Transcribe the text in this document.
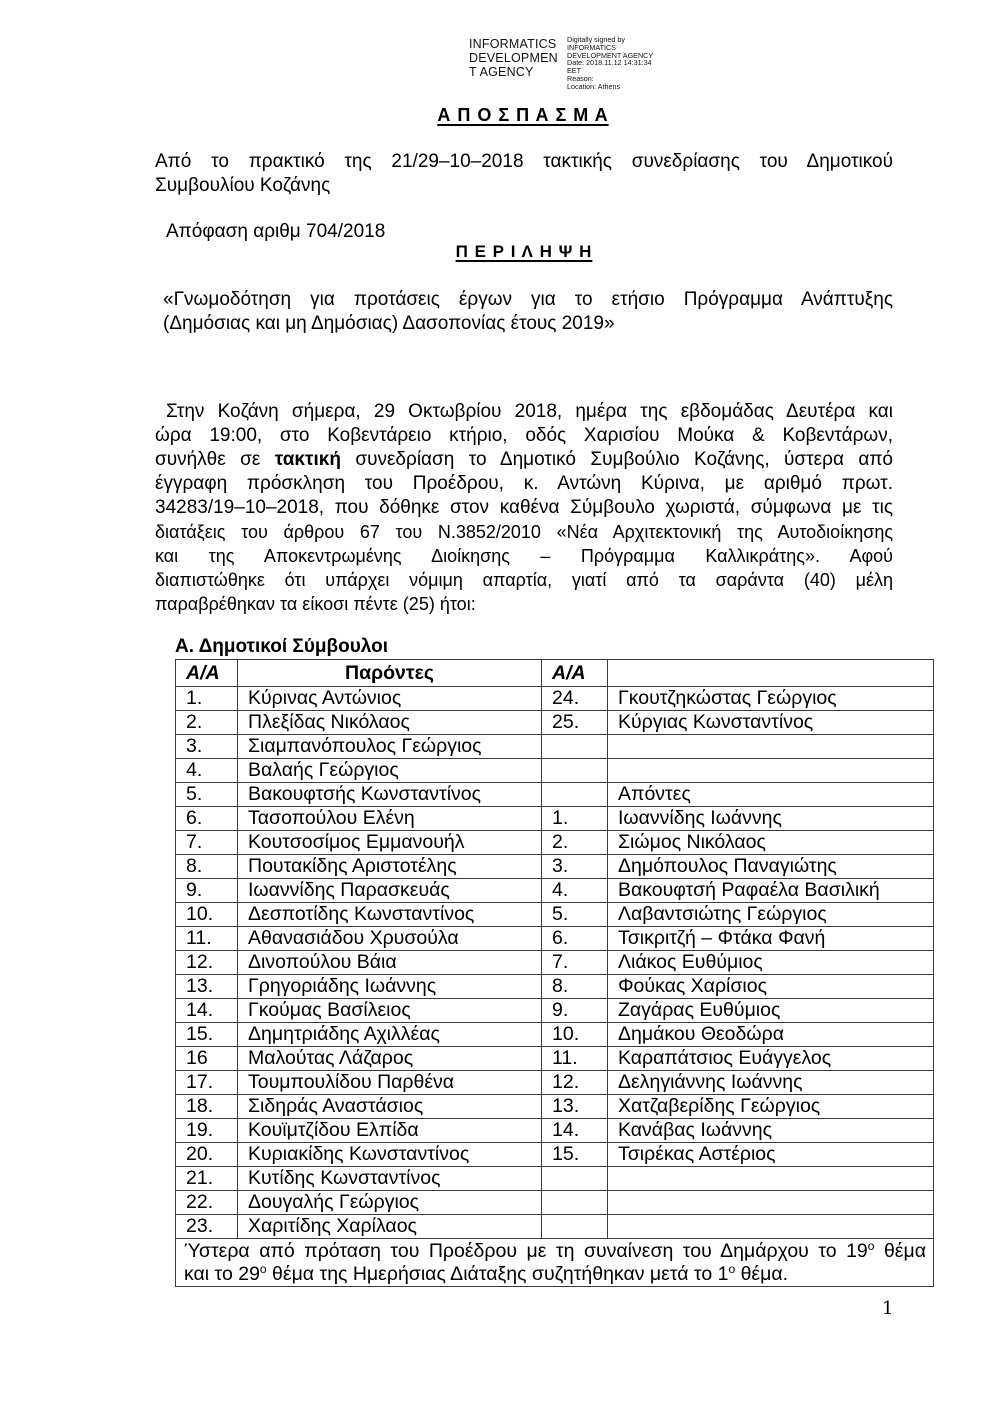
INFORMATICS
DEVELOPMEN
T AGENCY
Digitally signed by
INFORMATICS
DEVELOPMENT AGENCY
Date: 2018.11.12 14:31:34
EET
Reason:
Location: Athens
Α Π Ο Σ Π Α Σ Μ Α
Από το πρακτικό της 21/29–10–2018 τακτικής συνεδρίασης του Δημοτικού
Συμβουλίου Κοζάνης
Απόφαση αριθμ 704/2018
Π Ε Ρ Ι Λ Η Ψ Η
«Γνωμοδότηση για προτάσεις έργων για το ετήσιο Πρόγραμμα Ανάπτυξης
(Δημόσιας και μη Δημόσιας) Δασοπονίας έτους 2019»
Στην Κοζάνη σήμερα, 29 Οκτωβρίου 2018, ημέρα της εβδομάδας Δευτέρα και
ώρα 19:00, στο Κοβεντάρειο κτήριο, οδός Χαρισίου Μούκα & Κοβεντάρων,
συνήλθε σε τακτική συνεδρίαση το Δημοτικό Συμβούλιο Κοζάνης, ύστερα από
έγγραφη πρόσκληση του Προέδρου, κ. Αντώνη Κύρινα, με αριθμό πρωτ.
34283/19–10–2018, που δόθηκε στον καθένα Σύμβουλο χωριστά, σύμφωνα με τις
διατάξεις του άρθρου 67 του Ν.3852/2010 «Νέα Αρχιτεκτονική της Αυτοδιοίκησης
και της Αποκεντρωμένης Διοίκησης – Πρόγραμμα Καλλικράτης». Αφού
διαπιστώθηκε ότι υπάρχει νόμιμη απαρτία, γιατί από τα σαράντα (40) μέλη
παραβρέθηκαν τα είκοσι πέντε (25) ήτοι:
Α. Δημοτικοί Σύμβουλοι
Α/Α	Παρόντες	Α/Α	
1.	Κύρινας Αντώνιος	24.	Γκουτζηκώστας Γεώργιος
2.	Πλεξίδας Νικόλαος	25.	Κύργιας Κωνσταντίνος
3.	Σιαμπανόπουλος Γεώργιος		
4.	Βαλαής Γεώργιος		
5.	Βακουφτσής Κωνσταντίνος		Απόντες
6.	Τασοπούλου Ελένη	1.	Ιωαννίδης Ιωάννης
7.	Κουτσοσίμος Εμμανουήλ	2.	Σιώμος Νικόλαος
8.	Πουτακίδης Αριστοτέλης	3.	Δημόπουλος Παναγιώτης
9.	Ιωαννίδης Παρασκευάς	4.	Βακουφτσή Ραφαέλα Βασιλική
10.	Δεσποτίδης Κωνσταντίνος	5.	Λαβαντσιώτης Γεώργιος
11.	Αθανασιάδου Χρυσούλα	6.	Τσικριτζή – Φτάκα Φανή
12.	Δινοπούλου Βάια	7.	Λιάκος Ευθύμιος
13.	Γρηγοριάδης Ιωάννης	8.	Φούκας Χαρίσιος
14.	Γκούμας Βασίλειος	9.	Ζαγάρας Ευθύμιος
15.	Δημητριάδης Αχιλλέας	10.	Δημάκου Θεοδώρα
16	Μαλούτας Λάζαρος	11.	Καραπάτσιος Ευάγγελος
17.	Τουμπουλίδου Παρθένα	12.	Δεληγιάννης Ιωάννης
18.	Σιδηράς Αναστάσιος	13.	Χατζαβερίδης Γεώργιος
19.	Κουϊμτζίδου Ελπίδα	14.	Κανάβας Ιωάννης
20.	Κυριακίδης Κωνσταντίνος	15.	Τσιρέκας Αστέριος
21.	Κυτίδης Κωνσταντίνος		
22.	Δουγαλής Γεώργιος		
23.	Χαριτίδης Χαρίλαος		

Ύστερα από πρόταση του Προέδρου με τη συναίνεση του Δημάρχου το $19^o$ θέμα
και το $29^o$ θέμα της Ημερήσιας Διάταξης συζητήθηκαν μετά το $1^o$ θέμα.			
1
